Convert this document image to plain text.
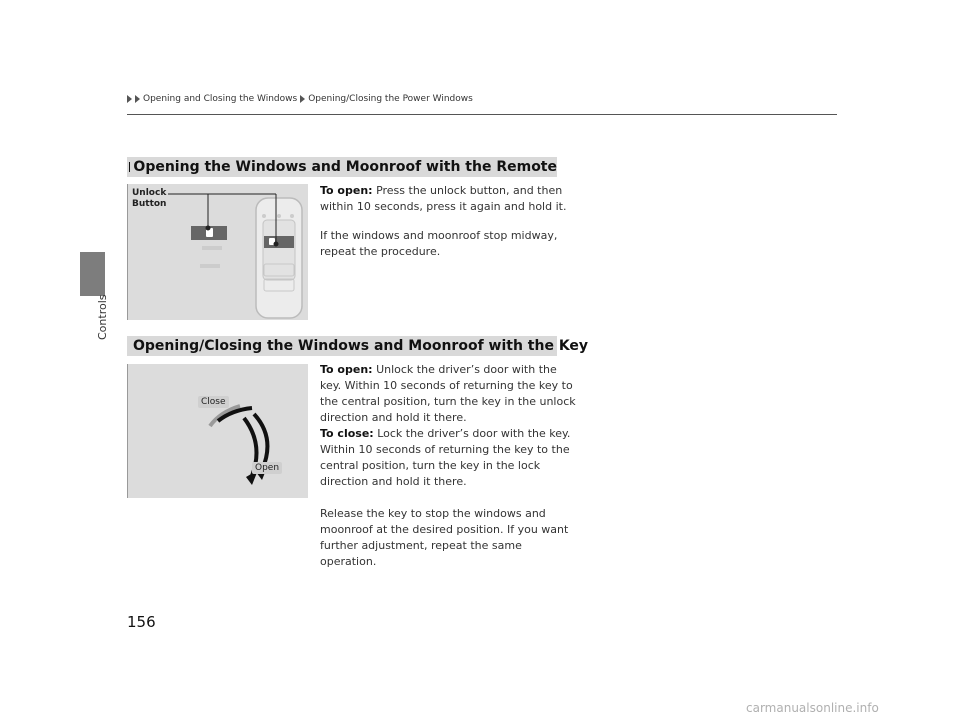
Controls
Opening and Closing the Windows Opening/Closing the Power Windows
Opening the Windows and Moonroof with the Remote
Unlock
Button

To open: Press the unlock button, and then

within 10 seconds, press it again and hold it.

If the windows and moonroof stop midway,

repeat the procedure.

Opening/Closing the Windows and Moonroof with the Key
Close
Open

To open: Unlock the driver’s door with the

key. Within 10 seconds of returning the key to

the central position, turn the key in the unlock

direction and hold it there.

To close: Lock the driver’s door with the key.

Within 10 seconds of returning the key to the

central position, turn the key in the lock

direction and hold it there.

Release the key to stop the windows and

moonroof at the desired position. If you want

further adjustment, repeat the same

operation.

156
carmanualsonline.info
